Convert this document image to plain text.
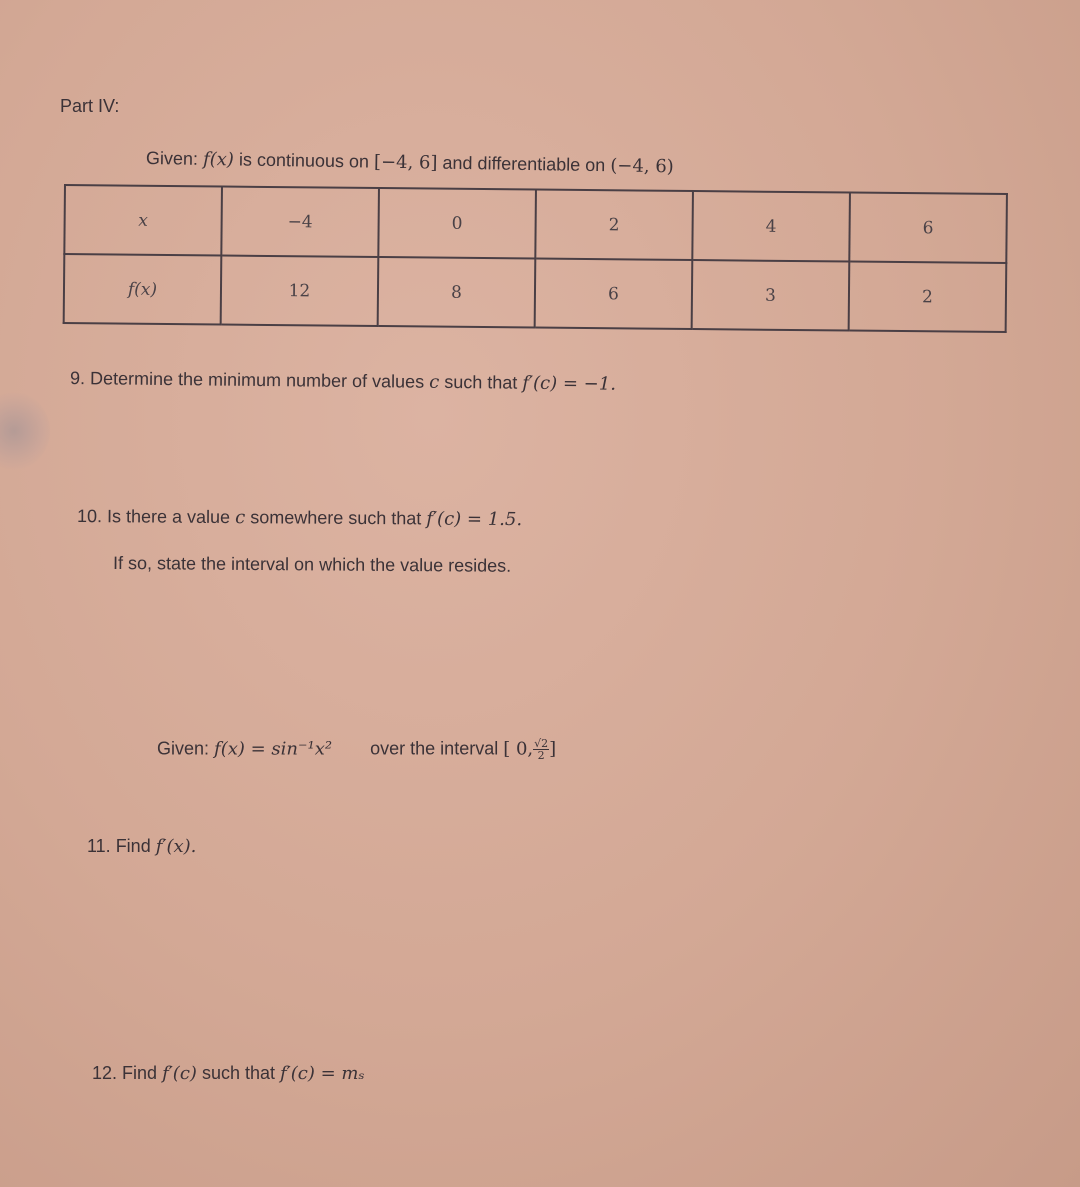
Part IV:
Given: f(x) is continuous on [−4, 6] and differentiable on (−4, 6)
x	−4	0	2	4	6
f(x)	12	8	6	3	2
9. Determine the minimum number of values c such that f′(c) = −1.
10. Is there a value c somewhere such that f′(c) = 1.5.
If so, state the interval on which the value resides.
Given: f(x) = sin⁻¹x² over the interval [ 0, $\frac{√2}{2}$ ]
11. Find f′(x).
12. Find f′(c) such that f′(c) = mₛ
